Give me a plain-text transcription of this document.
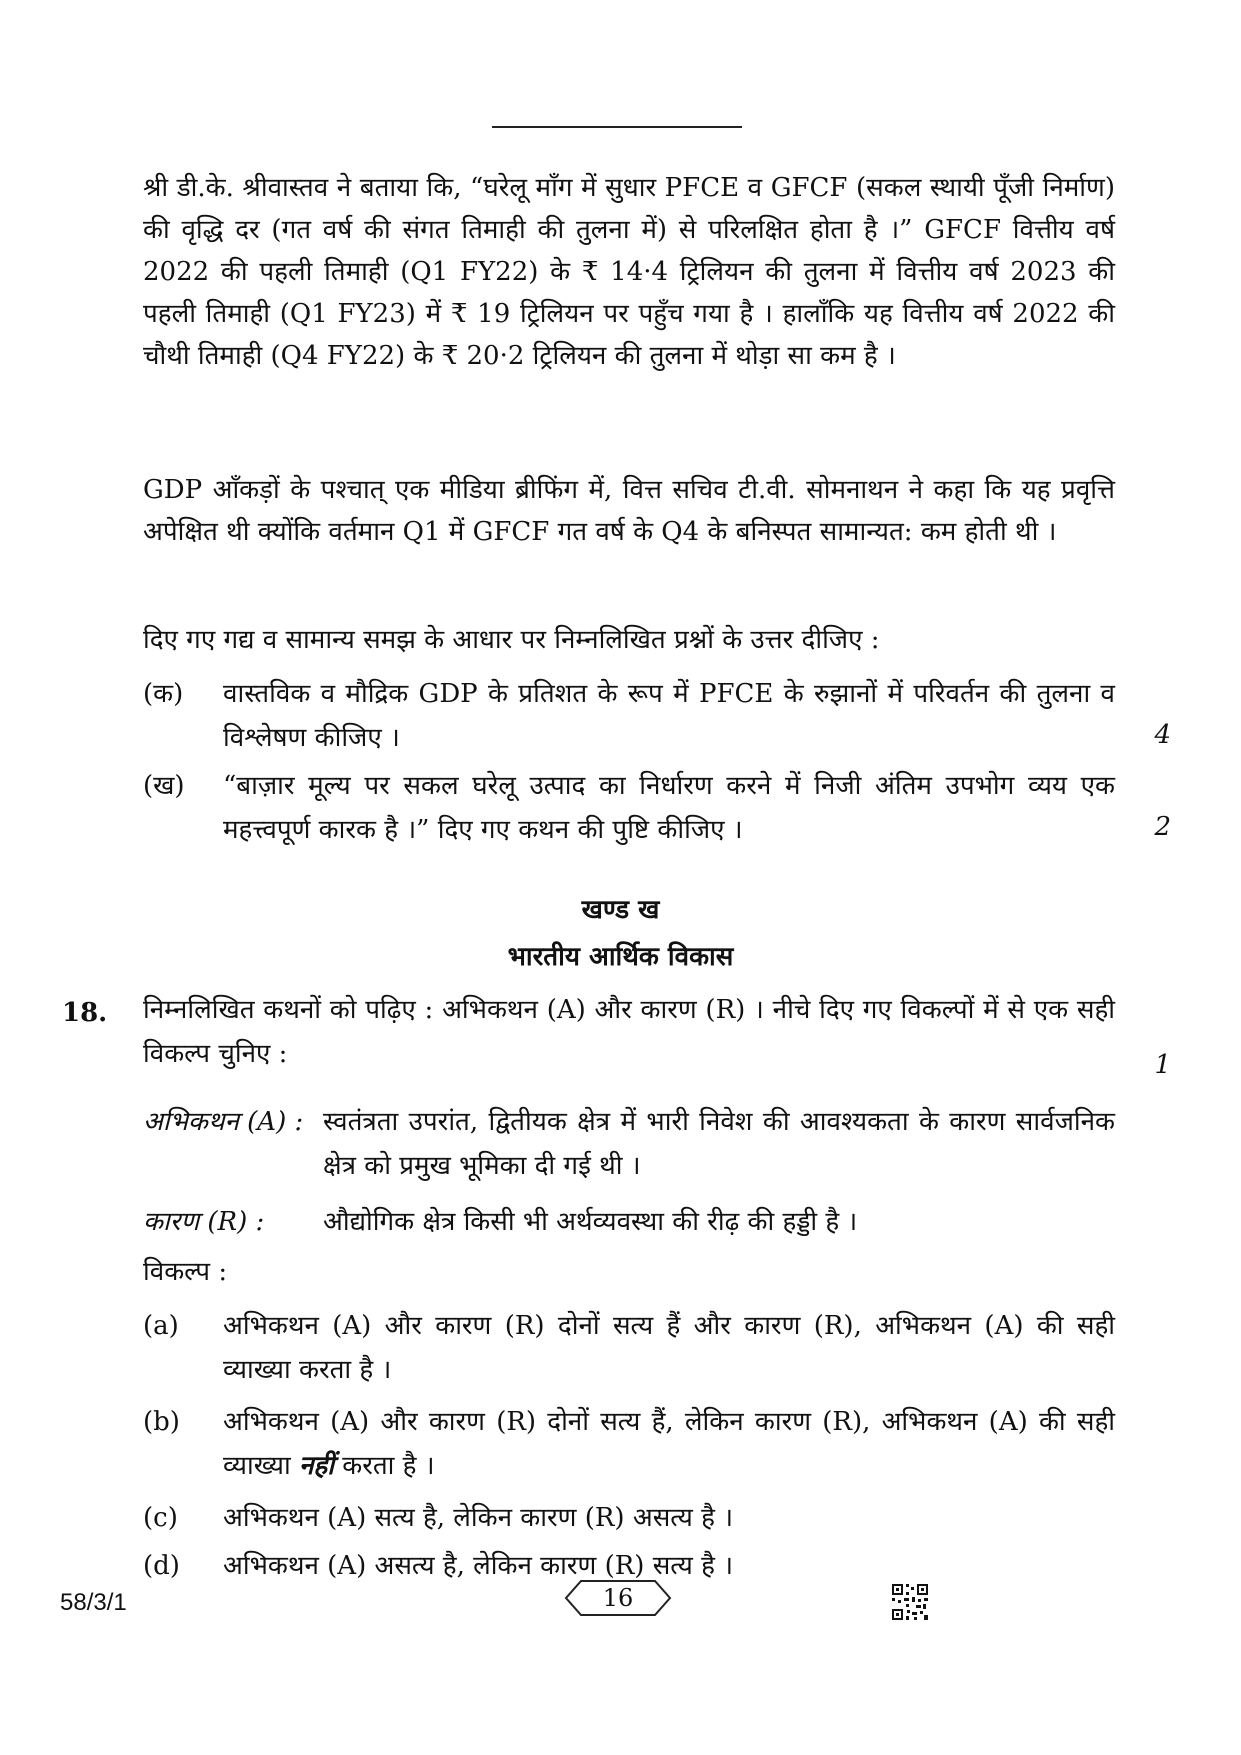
श्री डी.के. श्रीवास्तव ने बताया कि, “घरेलू माँग में सुधार PFCE व GFCF (सकल स्थायी पूँजी निर्माण) की वृद्धि दर (गत वर्ष की संगत तिमाही की तुलना में) से परिलक्षित होता है ।” GFCF वित्तीय वर्ष 2022 की पहली तिमाही (Q1 FY22) के ₹ 14·4 ट्रिलियन की तुलना में वित्तीय वर्ष 2023 की पहली तिमाही (Q1 FY23) में ₹ 19 ट्रिलियन पर पहुँच गया है । हालाँकि यह वित्तीय वर्ष 2022 की चौथी तिमाही (Q4 FY22) के ₹ 20·2 ट्रिलियन की तुलना में थोड़ा सा कम है ।
GDP आँकड़ों के पश्चात् एक मीडिया ब्रीफिंग में, वित्त सचिव टी.वी. सोमनाथन ने कहा कि यह प्रवृत्ति अपेक्षित थी क्योंकि वर्तमान Q1 में GFCF गत वर्ष के Q4 के बनिस्पत सामान्यत: कम होती थी ।
दिए गए गद्य व सामान्य समझ के आधार पर निम्नलिखित प्रश्नों के उत्तर दीजिए :
(क)	वास्तविक व मौद्रिक GDP के प्रतिशत के रूप में PFCE के रुझानों में परिवर्तन की तुलना व विश्लेषण कीजिए ।	4
(ख)	“बाज़ार मूल्य पर सकल घरेलू उत्पाद का निर्धारण करने में निजी अंतिम उपभोग व्यय एक महत्त्वपूर्ण कारक है ।” दिए गए कथन की पुष्टि कीजिए ।	2
खण्ड ख
भारतीय आर्थिक विकास
18. निम्नलिखित कथनों को पढ़िए : अभिकथन (A) और कारण (R) । नीचे दिए गए विकल्पों में से एक सही विकल्प चुनिए :	1
अभिकथन (A) : स्वतंत्रता उपरांत, द्वितीयक क्षेत्र में भारी निवेश की आवश्यकता के कारण सार्वजनिक क्षेत्र को प्रमुख भूमिका दी गई थी ।
कारण (R) : औद्योगिक क्षेत्र किसी भी अर्थव्यवस्था की रीढ़ की हड्डी है ।
विकल्प :
(a) अभिकथन (A) और कारण (R) दोनों सत्य हैं और कारण (R), अभिकथन (A) की सही व्याख्या करता है ।
(b) अभिकथन (A) और कारण (R) दोनों सत्य हैं, लेकिन कारण (R), अभिकथन (A) की सही व्याख्या नहीं करता है ।
(c) अभिकथन (A) सत्य है, लेकिन कारण (R) असत्य है ।
(d) अभिकथन (A) असत्य है, लेकिन कारण (R) सत्य है ।
58/3/1	16
